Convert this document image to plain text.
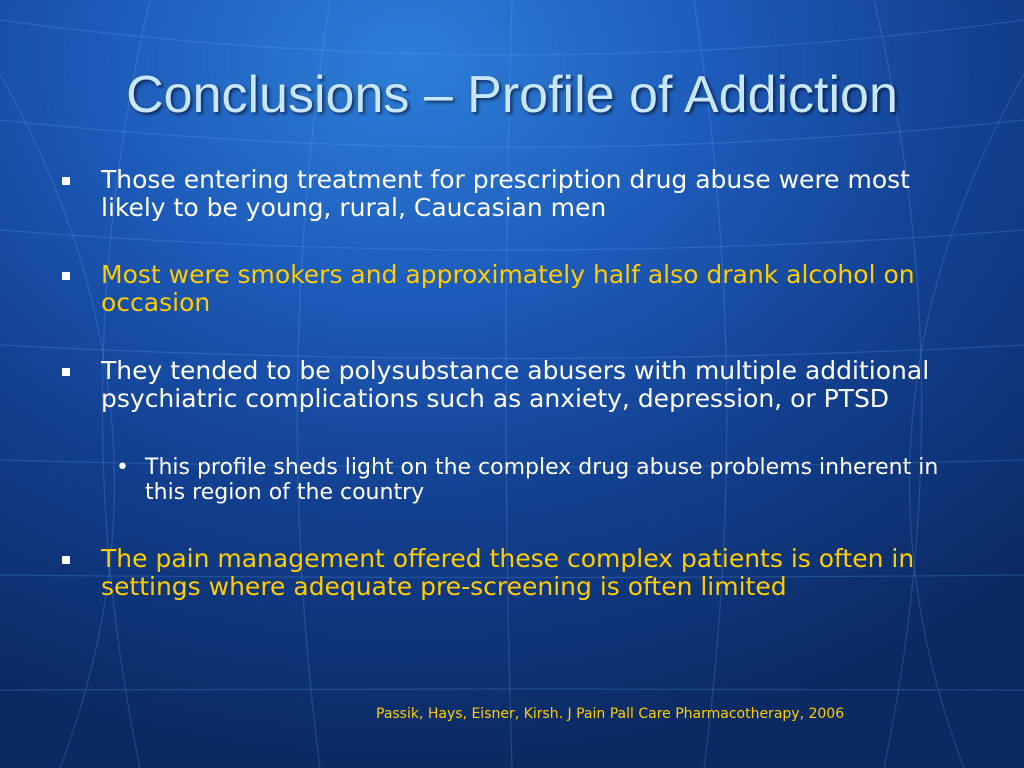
Conclusions – Profile of Addiction
Those entering treatment for prescription drug abuse were most likely to be young, rural, Caucasian men
Most were smokers and approximately half also drank alcohol on occasion
They tended to be polysubstance abusers with multiple additional psychiatric complications such as anxiety, depression, or PTSD
• This profile sheds light on the complex drug abuse problems inherent in this region of the country
The pain management offered these complex patients is often in settings where adequate pre-screening is often limited
Passik, Hays, Eisner, Kirsh. J Pain Pall Care Pharmacotherapy, 2006
